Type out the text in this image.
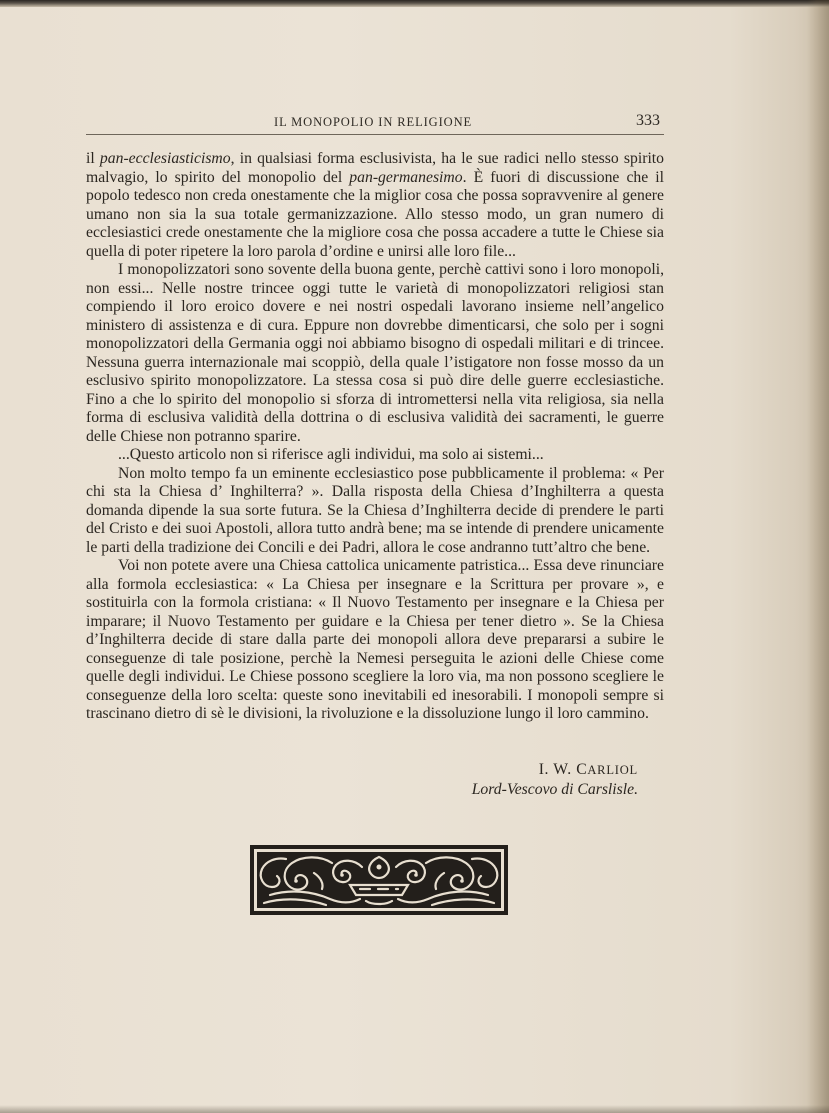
IL MONOPOLIO IN RELIGIONE	333

il pan-ecclesiasticismo, in qualsiasi forma esclusivista, ha le sue radici nello stesso spirito malvagio, lo spirito del monopolio del pan-germanesimo. È fuori di discussione che il popolo tedesco non creda onestamente che la miglior cosa che possa sopravvenire al genere umano non sia la sua totale germanizzazione. Allo stesso modo, un gran numero di ecclesiastici crede onestamente che la migliore cosa che possa accadere a tutte le Chiese sia quella di poter ripetere la loro parola d’ordine e unirsi alle loro file...

I monopolizzatori sono sovente della buona gente, perchè cattivi sono i loro monopoli, non essi... Nelle nostre trincee oggi tutte le varietà di monopolizzatori religiosi stan compiendo il loro eroico dovere e nei nostri ospedali lavorano insieme nell’angelico ministero di assistenza e di cura. Eppure non dovrebbe dimenticarsi, che solo per i sogni monopolizzatori della Germania oggi noi abbiamo bisogno di ospedali militari e di trincee. Nessuna guerra internazionale mai scoppiò, della quale l’istigatore non fosse mosso da un esclusivo spirito monopolizzatore. La stessa cosa si può dire delle guerre ecclesiastiche. Fino a che lo spirito del monopolio si sforza di intromettersi nella vita religiosa, sia nella forma di esclusiva validità della dottrina o di esclusiva validità dei sacramenti, le guerre delle Chiese non potranno sparire.

...Questo articolo non si riferisce agli individui, ma solo ai sistemi...

Non molto tempo fa un eminente ecclesiastico pose pubblicamente il problema: « Per chi sta la Chiesa d’ Inghilterra? ». Dalla risposta della Chiesa d’Inghilterra a questa domanda dipende la sua sorte futura. Se la Chiesa d’Inghilterra decide di prendere le parti del Cristo e dei suoi Apostoli, allora tutto andrà bene; ma se intende di prendere unicamente le parti della tradizione dei Concili e dei Padri, allora le cose andranno tutt’altro che bene.

Voi non potete avere una Chiesa cattolica unicamente patristica... Essa deve rinunciare alla formola ecclesiastica: « La Chiesa per insegnare e la Scrittura per provare », e sostituirla con la formola cristiana: « Il Nuovo Testamento per insegnare e la Chiesa per imparare; il Nuovo Testamento per guidare e la Chiesa per tener dietro ». Se la Chiesa d’Inghilterra decide di stare dalla parte dei monopoli allora deve prepararsi a subire le conseguenze di tale posizione, perchè la Nemesi perseguita le azioni delle Chiese come quelle degli individui. Le Chiese possono scegliere la loro via, ma non possono scegliere le conseguenze della loro scelta: queste sono inevitabili ed inesorabili. I monopoli sempre si trascinano dietro di sè le divisioni, la rivoluzione e la dissoluzione lungo il loro cammino.

I. W. CARLIOL
Lord-Vescovo di Carslisle.
